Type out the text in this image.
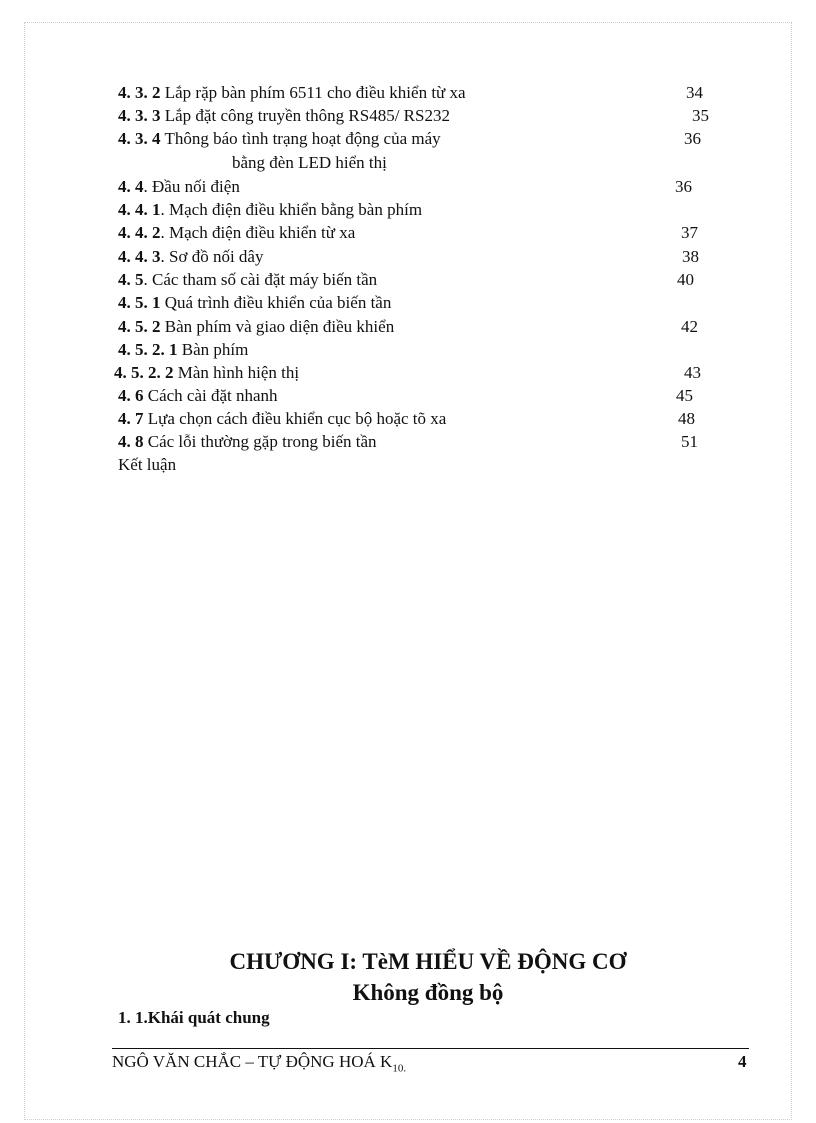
4. 3. 2 Lắp rặp bàn phím 6511 cho điều khiển từ xa	34
4. 3. 3 Lắp đặt công truyền thông RS485/ RS232	35
4. 3. 4 Thông báo tình trạng hoạt động của máy	36
bằng đèn LED hiển thị
4. 4. Đầu nối điện	36
4. 4. 1. Mạch điện điều khiển bằng bàn phím
4. 4. 2. Mạch điện điều khiển từ xa	37
4. 4. 3. Sơ đồ nối dây	38
4. 5. Các tham số cài đặt máy biến tần	40
4. 5. 1 Quá trình điều khiển của biến tần
4. 5. 2 Bàn phím và giao diện điều khiển	42
4. 5. 2. 1 Bàn phím
4. 5. 2. 2 Màn hình hiện thị	43
4. 6 Cách cài đặt nhanh	45
4. 7 Lựa chọn cách điều khiển cục bộ hoặc tõ xa	48
4. 8 Các lỗi thường gặp trong biến tần	51
Kết luận
CHƯƠNG I: TèM HIỂU VỀ ĐỘNG CƠ
Không đồng bộ
1. 1.Khái quát chung
NGÔ VĂN CHẮC – TỰ ĐỘNG HOÁ $K_{10.}$	4
